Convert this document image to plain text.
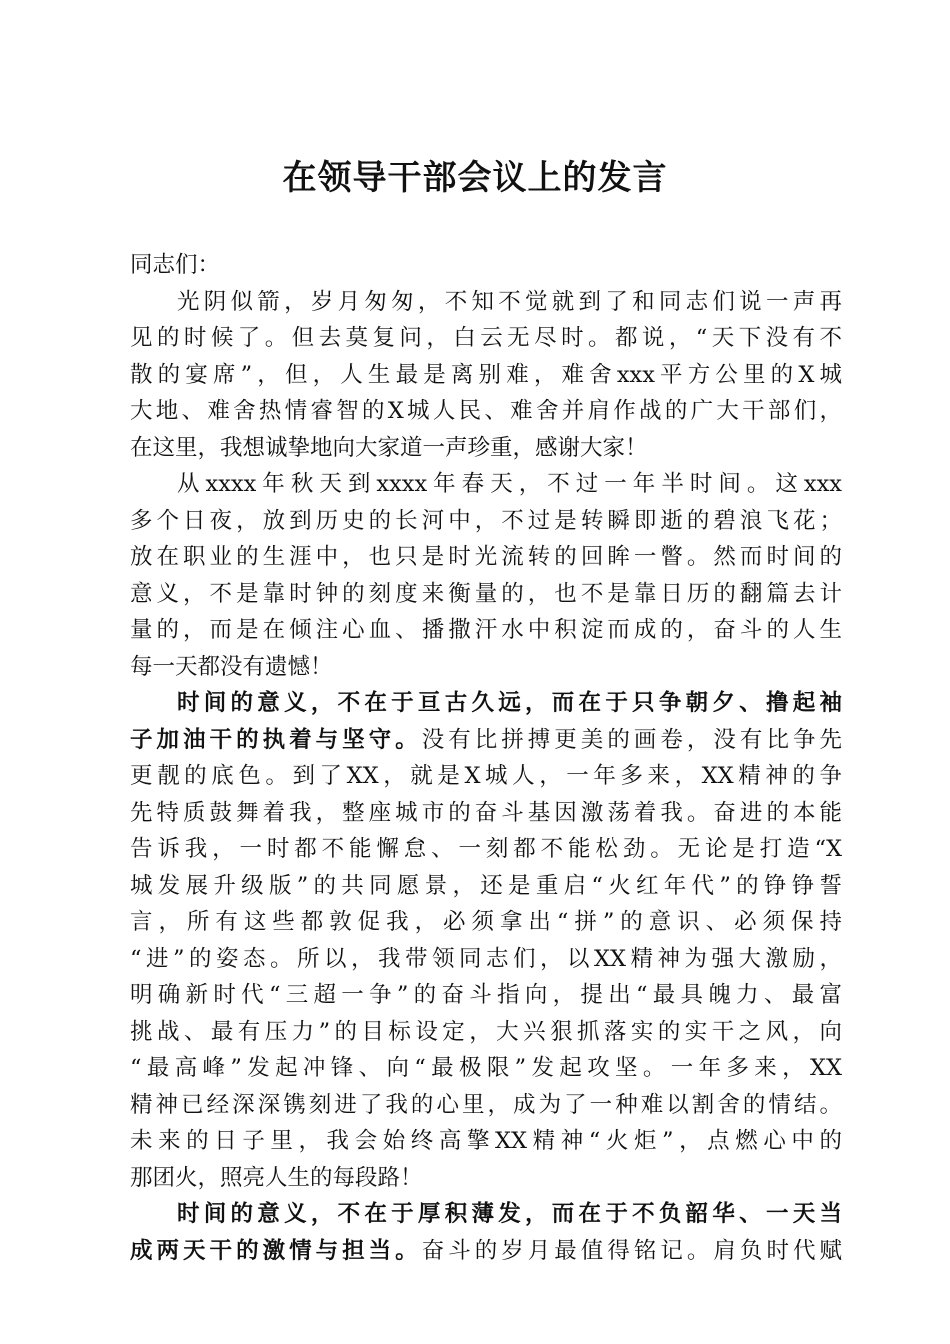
在领导干部会议上的发言
同志们：
光阴似箭，岁月匆匆，不知不觉就到了和同志们说一声再
见的时候了。但去莫复问，白云无尽时。都说，“天下没有不
散的宴席”，但，人生最是离别难，难舍xxx平方公里的X城
大地、难舍热情睿智的X城人民、难舍并肩作战的广大干部们，
在这里，我想诚挚地向大家道一声珍重，感谢大家！
从xxxx年秋天到xxxx年春天，不过一年半时间。这xxx
多个日夜，放到历史的长河中，不过是转瞬即逝的碧浪飞花；
放在职业的生涯中，也只是时光流转的回眸一瞥。然而时间的
意义，不是靠时钟的刻度来衡量的，也不是靠日历的翻篇去计
量的，而是在倾注心血、播撒汗水中积淀而成的，奋斗的人生
每一天都没有遗憾！
时间的意义，不在于亘古久远，而在于只争朝夕、撸起袖
子加油干的执着与坚守。没有比拼搏更美的画卷，没有比争先
更靓的底色。到了XX，就是X城人，一年多来，XX精神的争
先特质鼓舞着我，整座城市的奋斗基因激荡着我。奋进的本能
告诉我，一时都不能懈怠、一刻都不能松劲。无论是打造“X
城发展升级版”的共同愿景，还是重启“火红年代”的铮铮誓
言，所有这些都敦促我，必须拿出“拼”的意识、必须保持
“进”的姿态。所以，我带领同志们，以XX精神为强大激励，
明确新时代“三超一争”的奋斗指向，提出“最具魄力、最富
挑战、最有压力”的目标设定，大兴狠抓落实的实干之风，向
“最高峰”发起冲锋、向“最极限”发起攻坚。一年多来，XX
精神已经深深镌刻进了我的心里，成为了一种难以割舍的情结。
未来的日子里，我会始终高擎XX精神“火炬”，点燃心中的
那团火，照亮人生的每段路！
时间的意义，不在于厚积薄发，而在于不负韶华、一天当
成两天干的激情与担当。奋斗的岁月最值得铭记。肩负时代赋
